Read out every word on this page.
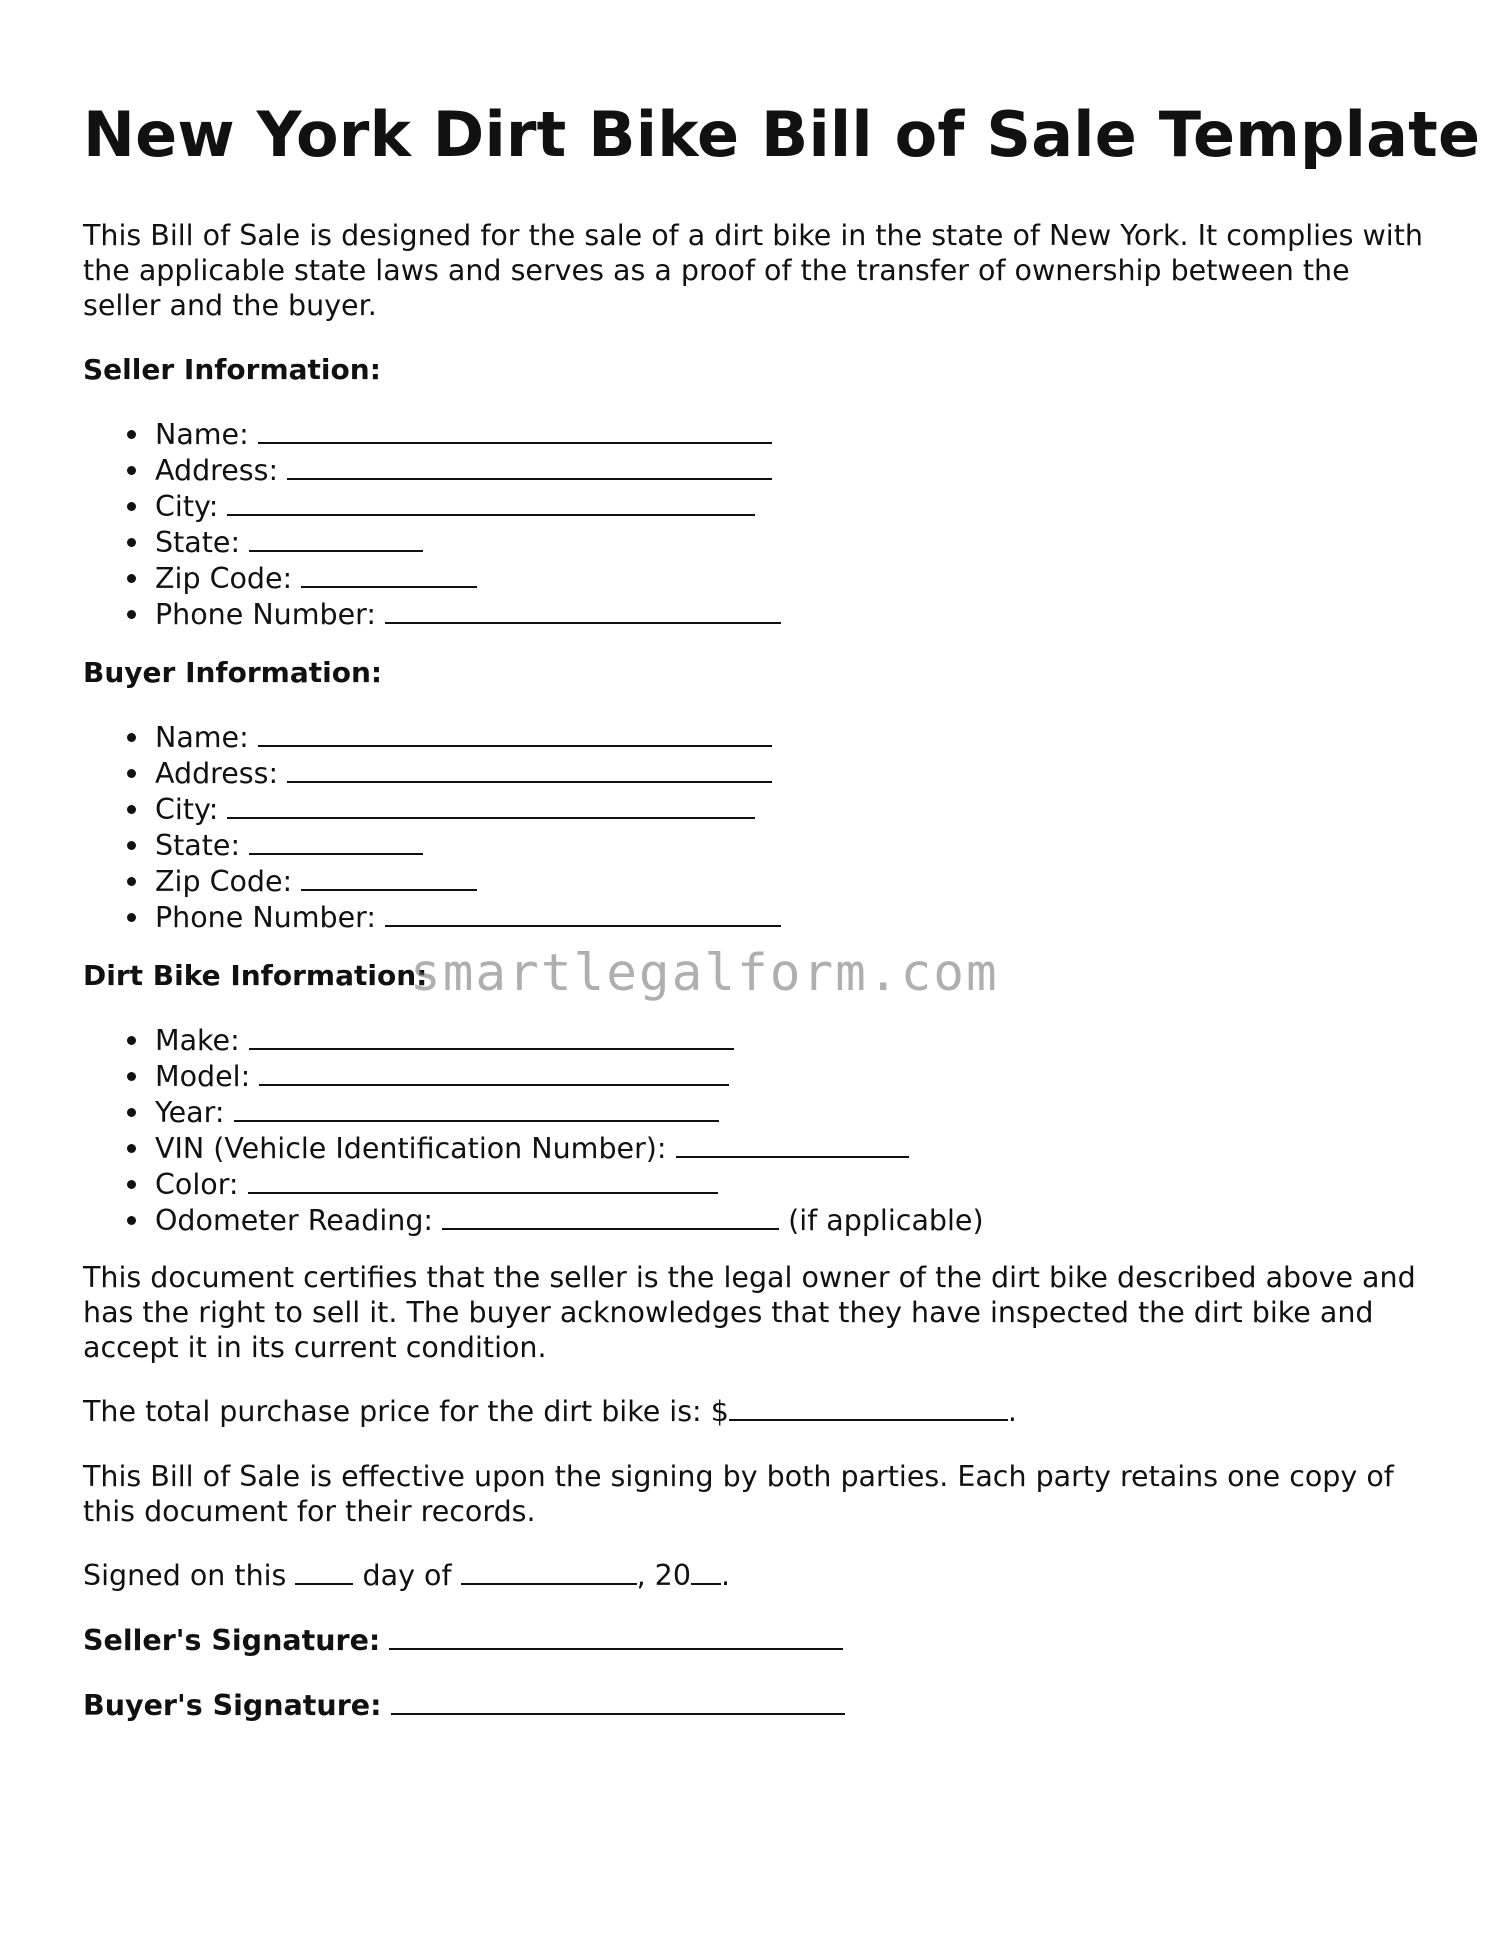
New York Dirt Bike Bill of Sale Template

This Bill of Sale is designed for the sale of a dirt bike in the state of New York. It complies with the applicable state laws and serves as a proof of the transfer of ownership between the seller and the buyer.

Seller Information:

Name:
Address:
City:
State:
Zip Code:
Phone Number:

Buyer Information:

Name:
Address:
City:
State:
Zip Code:
Phone Number:

Dirt Bike Information:

Make:
Model:
Year:
VIN (Vehicle Identification Number):
Color:
Odometer Reading:	(if applicable)

This document certifies that the seller is the legal owner of the dirt bike described above and has the right to sell it. The buyer acknowledges that they have inspected the dirt bike and accept it in its current condition.

The total purchase price for the dirt bike is: $	.

This Bill of Sale is effective upon the signing by both parties. Each party retains one copy of this document for their records.

Signed on this	day of	, 20 .

Seller's Signature:

Buyer's Signature:

smartlegalform.com
